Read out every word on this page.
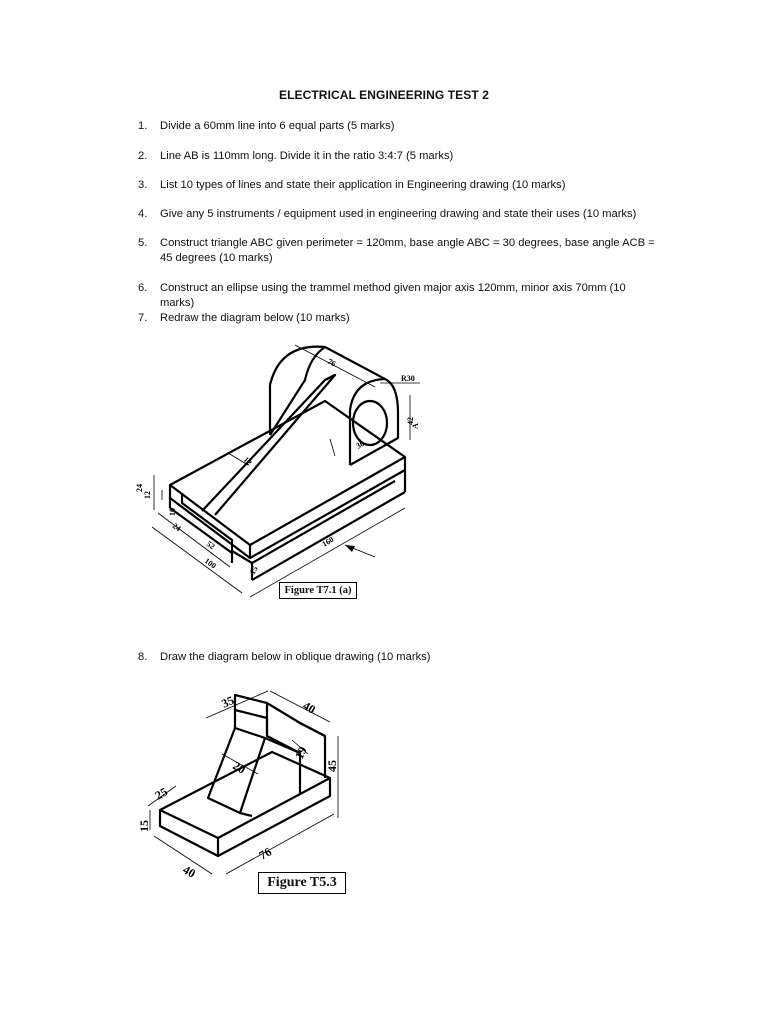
ELECTRICAL ENGINEERING TEST 2
1. Divide a 60mm line into 6 equal parts (5 marks)
2. Line AB is 110mm long. Divide it in the ratio 3:4:7 (5 marks)
3. List 10 types of lines and state their application in Engineering drawing (10 marks)
4. Give any 5 instruments / equipment used in engineering drawing and state their uses (10 marks)
5. Construct triangle ABC given perimeter = 120mm, base angle ABC = 30 degrees, base angle ACB = 45 degrees (10 marks)
6. Construct an ellipse using the trammel method given major axis 120mm, minor axis 70mm (10 marks)
7. Redraw the diagram below (10 marks)
76
R30
42
A
30
12
24
12
10
24
52
100
160
15
Figure T7.1 (a)
8. Draw the diagram below in oblique drawing (10 marks)
35	40
19
45
20
25
15
76
40
Figure T5.3
